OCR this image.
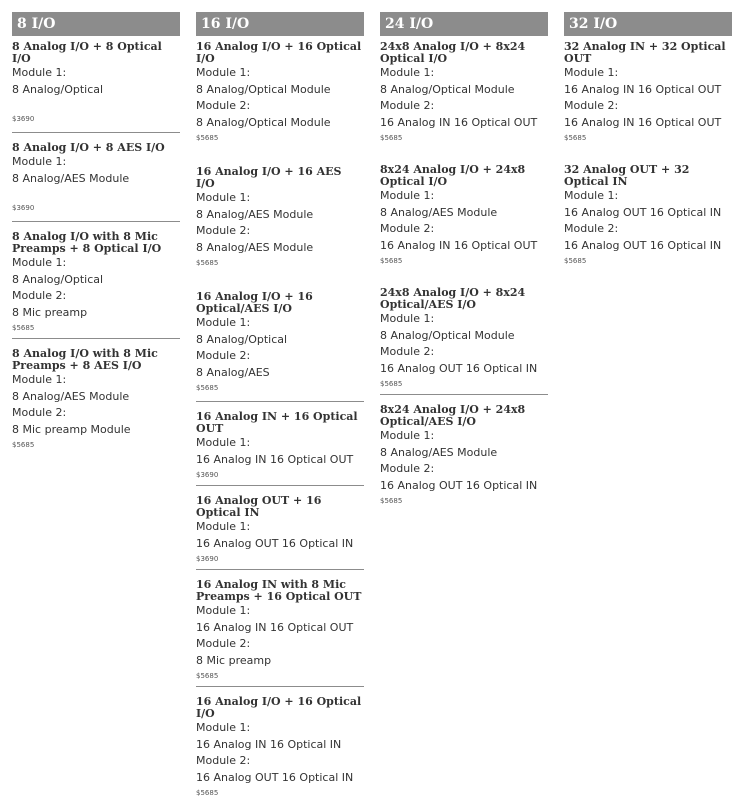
8 I/O
8 Analog I/O + 8 Optical I/O
Module 1:
8 Analog/Optical
$3690
8 Analog I/O + 8 AES I/O
Module 1:
8 Analog/AES Module
$3690
8 Analog I/O with 8 Mic Preamps + 8 Optical I/O
Module 1:
8 Analog/Optical
Module 2:
8 Mic preamp
$5685
8 Analog I/O with 8 Mic Preamps + 8 AES I/O
Module 1:
8 Analog/AES Module
Module 2:
8 Mic preamp Module
$5685
16 I/O
16 Analog I/O + 16 Optical I/O
Module 1:
8 Analog/Optical Module
Module 2:
8 Analog/Optical Module
$5685
16 Analog I/O + 16 AES I/O
Module 1:
8 Analog/AES Module
Module 2:
8 Analog/AES Module
$5685
16 Analog I/O + 16 Optical/AES I/O
Module 1:
8 Analog/Optical
Module 2:
8 Analog/AES
$5685
16 Analog IN + 16 Optical OUT
Module 1:
16 Analog IN 16 Optical OUT
$3690
16 Analog OUT + 16 Optical IN
Module 1:
16 Analog OUT 16 Optical IN
$3690
16 Analog IN with 8 Mic Preamps + 16 Optical OUT
Module 1:
16 Analog IN 16 Optical OUT
Module 2:
8 Mic preamp
$5685
16 Analog I/O + 16 Optical I/O
Module 1:
16 Analog IN 16 Optical IN
Module 2:
16 Analog OUT 16 Optical IN
$5685
24 I/O
24x8 Analog I/O + 8x24 Optical I/O
Module 1:
8 Analog/Optical Module
Module 2:
16 Analog IN 16 Optical OUT
$5685
8x24 Analog I/O + 24x8 Optical I/O
Module 1:
8 Analog/AES Module
Module 2:
16 Analog IN 16 Optical OUT
$5685
24x8 Analog I/O + 8x24 Optical/AES I/O
Module 1:
8 Analog/Optical Module
Module 2:
16 Analog OUT 16 Optical IN
$5685
8x24 Analog I/O + 24x8 Optical/AES I/O
Module 1:
8 Analog/AES Module
Module 2:
16 Analog OUT 16 Optical IN
$5685
32 I/O
32 Analog IN + 32 Optical OUT
Module 1:
16 Analog IN 16 Optical OUT
Module 2:
16 Analog IN 16 Optical OUT
$5685
32 Analog OUT + 32 Optical IN
Module 1:
16 Analog OUT 16 Optical IN
Module 2:
16 Analog OUT 16 Optical IN
$5685
